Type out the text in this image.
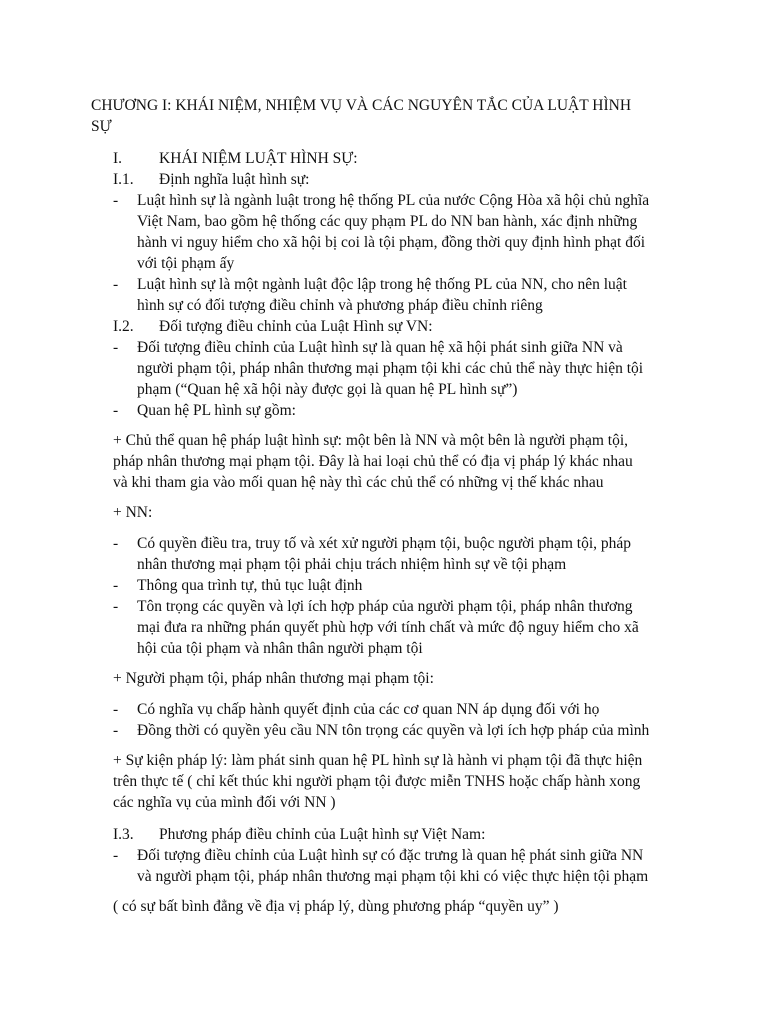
CHƯƠNG I: KHÁI NIỆM, NHIỆM VỤ VÀ CÁC NGUYÊN TẮC CỦA LUẬT HÌNH
SỰ
I. KHÁI NIỆM LUẬT HÌNH SỰ:
I.1. Định nghĩa luật hình sự:
- Luật hình sự là ngành luật trong hệ thống PL của nước Cộng Hòa xã hội chủ nghĩa
Việt Nam, bao gồm hệ thống các quy phạm PL do NN ban hành, xác định những
hành vi nguy hiểm cho xã hội bị coi là tội phạm, đồng thời quy định hình phạt đối
với tội phạm ấy
- Luật hình sự là một ngành luật độc lập trong hệ thống PL của NN, cho nên luật
hình sự có đối tượng điều chỉnh và phương pháp điều chỉnh riêng
I.2. Đối tượng điều chỉnh của Luật Hình sự VN:
- Đối tượng điều chỉnh của Luật hình sự là quan hệ xã hội phát sinh giữa NN và
người phạm tội, pháp nhân thương mại phạm tội khi các chủ thể này thực hiện tội
phạm (“Quan hệ xã hội này được gọi là quan hệ PL hình sự”)
- Quan hệ PL hình sự gồm:
+ Chủ thể quan hệ pháp luật hình sự: một bên là NN và một bên là người phạm tội,
pháp nhân thương mại phạm tội. Đây là hai loại chủ thể có địa vị pháp lý khác nhau
và khi tham gia vào mối quan hệ này thì các chủ thể có những vị thế khác nhau
+ NN:
- Có quyền điều tra, truy tố và xét xử người phạm tội, buộc người phạm tội, pháp
nhân thương mại phạm tội phải chịu trách nhiệm hình sự về tội phạm
- Thông qua trình tự, thủ tục luật định
- Tôn trọng các quyền và lợi ích hợp pháp của người phạm tội, pháp nhân thương
mại đưa ra những phán quyết phù hợp với tính chất và mức độ nguy hiểm cho xã
hội của tội phạm và nhân thân người phạm tội
+ Người phạm tội, pháp nhân thương mại phạm tội:
- Có nghĩa vụ chấp hành quyết định của các cơ quan NN áp dụng đối với họ
- Đồng thời có quyền yêu cầu NN tôn trọng các quyền và lợi ích hợp pháp của mình
+ Sự kiện pháp lý: làm phát sinh quan hệ PL hình sự là hành vi phạm tội đã thực hiện
trên thực tế ( chỉ kết thúc khi người phạm tội được miễn TNHS hoặc chấp hành xong
các nghĩa vụ của mình đối với NN )
I.3. Phương pháp điều chỉnh của Luật hình sự Việt Nam:
- Đối tượng điều chỉnh của Luật hình sự có đặc trưng là quan hệ phát sinh giữa NN
và người phạm tội, pháp nhân thương mại phạm tội khi có việc thực hiện tội phạm
( có sự bất bình đẳng về địa vị pháp lý, dùng phương pháp “quyền uy” )
